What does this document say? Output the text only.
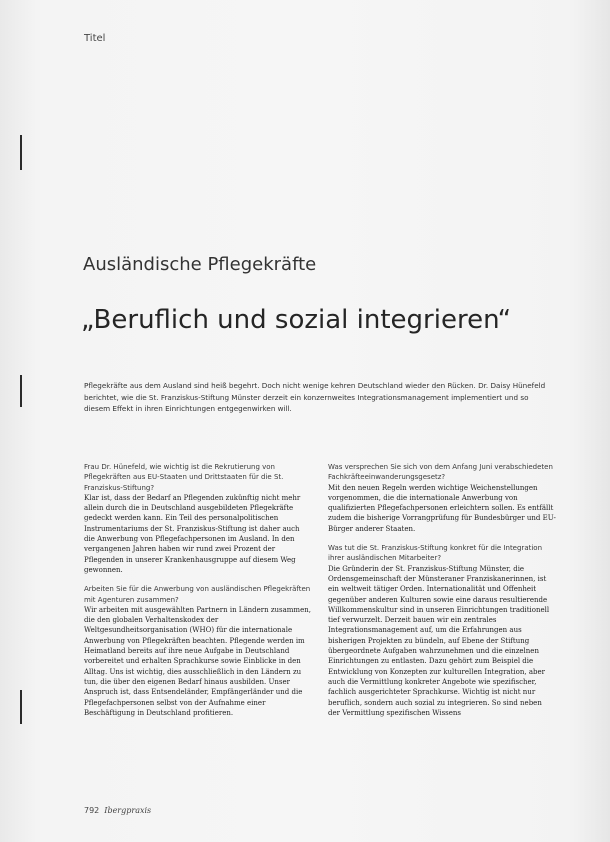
Titel
Ausländische Pflegekräfte
„Beruflich und sozial integrieren“

Pflegekräfte aus dem Ausland sind heiß begehrt. Doch nicht wenige kehren Deutschland wieder den Rücken. Dr. Daisy Hünefeld berichtet, wie die St. Franziskus-Stiftung Münster derzeit ein konzernweites Integrationsmanagement implementiert und so diesem Effekt in ihren Einrichtungen entgegenwirken will.

Frau Dr. Hünefeld, wie wichtig ist die Rekrutierung von Pflegekräften aus EU-Staaten und Drittstaaten für die St. Franziskus-Stiftung?

Klar ist, dass der Bedarf an Pflegenden zukünftig nicht mehr allein durch die in Deutschland ausgebildeten Pflegekräfte gedeckt werden kann. Ein Teil des personalpolitischen Instrumentariums der St. Franziskus-Stiftung ist daher auch die Anwerbung von Pflegefachpersonen im Ausland. In den vergangenen Jahren haben wir rund zwei Prozent der Pflegenden in unserer Krankenhausgruppe auf diesem Weg gewonnen.

Arbeiten Sie für die Anwerbung von ausländischen Pflegekräften mit Agenturen zusammen?

Wir arbeiten mit ausgewählten Partnern in Ländern zusammen, die den globalen Verhaltenskodex der Weltgesundheitsorganisation (WHO) für die internationale Anwerbung von Pflegekräften beachten. Pflegende werden im Heimatland bereits auf ihre neue Aufgabe in Deutschland vorbereitet und erhalten Sprachkurse sowie Einblicke in den Alltag. Uns ist wichtig, dies ausschließlich in den Ländern zu tun, die über den eigenen Bedarf hinaus ausbilden. Unser Anspruch ist, dass Entsendeländer, Empfängerländer und die Pflegefachpersonen selbst von der Aufnahme einer Beschäftigung in Deutschland profitieren.

Was versprechen Sie sich von dem Anfang Juni verabschiedeten Fachkräfteeinwanderungsgesetz?

Mit den neuen Regeln werden wichtige Weichenstellungen vorgenommen, die die internationale Anwerbung von qualifizierten Pflegefachpersonen erleichtern sollen. Es entfällt zudem die bisherige Vorrangprüfung für Bundesbürger und EU-Bürger anderer Staaten.

Was tut die St. Franziskus-Stiftung konkret für die Integration ihrer ausländischen Mitarbeiter?

Die Gründerin der St. Franziskus-Stiftung Münster, die Ordensgemeinschaft der Münsteraner Franziskanerinnen, ist ein weltweit tätiger Orden. Internationalität und Offenheit gegenüber anderen Kulturen sowie eine daraus resultierende Willkommenskultur sind in unseren Einrichtungen traditionell tief verwurzelt. Derzeit bauen wir ein zentrales Integrationsmanagement auf, um die Erfahrungen aus bisherigen Projekten zu bündeln, auf Ebene der Stiftung übergeordnete Aufgaben wahrzunehmen und die einzelnen Einrichtungen zu entlasten. Dazu gehört zum Beispiel die Entwicklung von Konzepten zur kulturellen Integration, aber auch die Vermittlung konkreter Angebote wie spezifischer, fachlich ausgerichteter Sprachkurse. Wichtig ist nicht nur beruflich, sondern auch sozial zu integrieren. So sind neben der Vermittlung spezifischen Wissens

792 Ibergpraxis
